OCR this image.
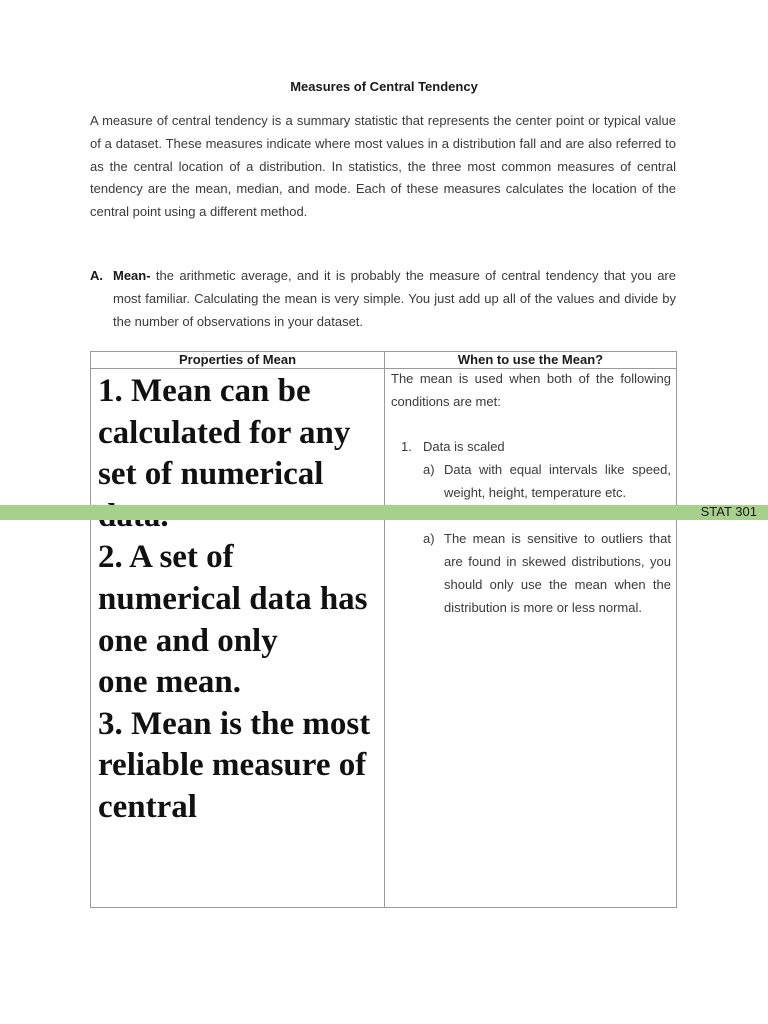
Measures of Central Tendency

A measure of central tendency is a summary statistic that represents the center point or typical value of a dataset. These measures indicate where most values in a distribution fall and are also referred to as the central location of a distribution. In statistics, the three most common measures of central tendency are the mean, median, and mode. Each of these measures calculates the location of the central point using a different method.

A. Mean- the arithmetic average, and it is probably the measure of central tendency that you are most familiar. Calculating the mean is very simple. You just add up all of the values and divide by the number of observations in your dataset.
Properties of Mean	When to use the Mean?
1. Mean can be calculated for any set of numerical
2. A set of numerical data has one and only
one mean.
3. Mean is the most reliable measure of central

The mean is used when both of the following conditions are met:

1. Data is scaled
a) Data with equal intervals like speed, weight, height, temperature etc.
a) The mean is sensitive to outliers that are found in skewed distributions, you should only use the mean when the distribution is more or less normal.
STAT 301
